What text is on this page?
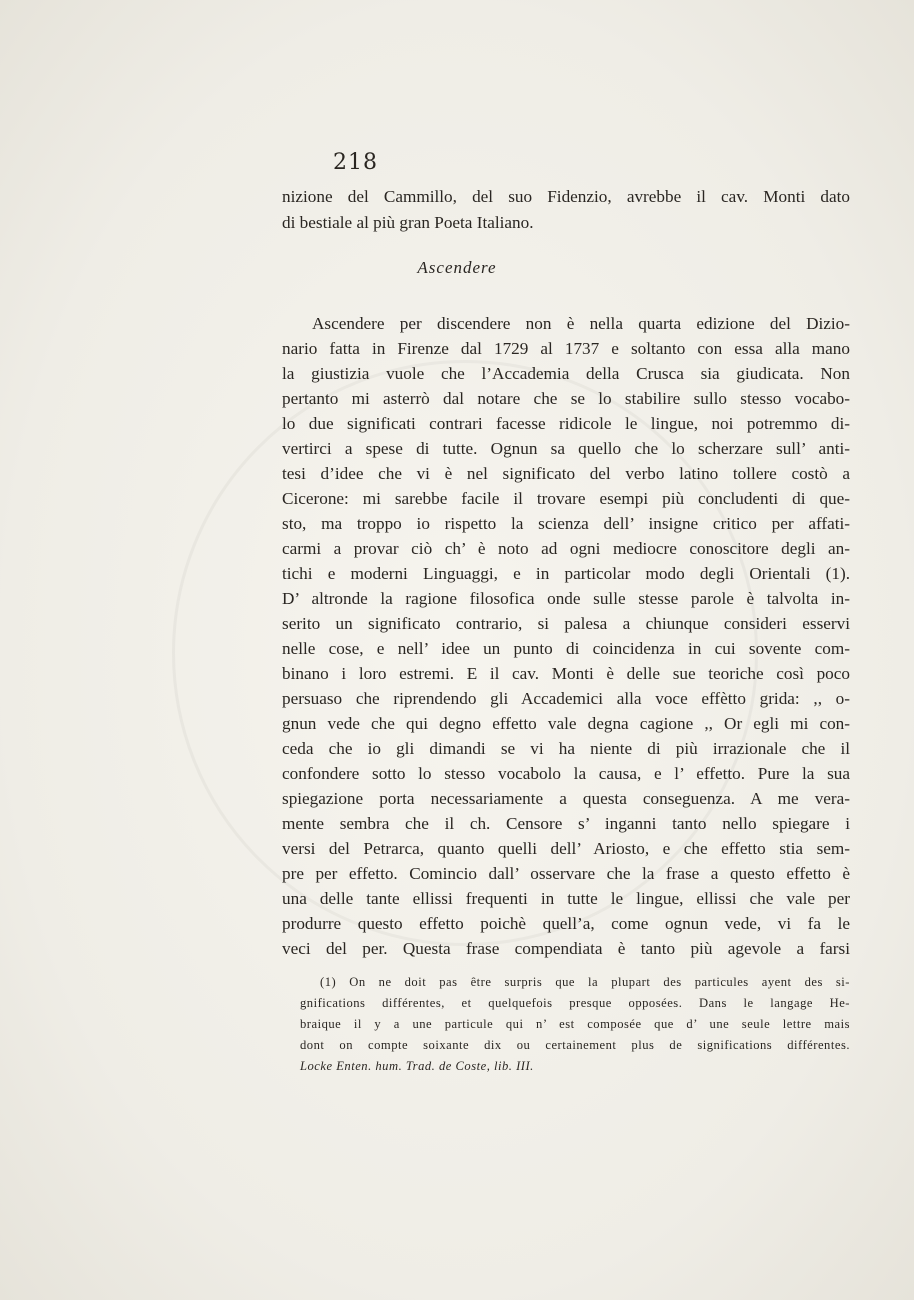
218
nizione del Cammillo, del suo Fidenzio, avrebbe il cav. Monti dato
di bestiale al più gran Poeta Italiano.
Ascendere
Ascendere per discendere non è nella quarta edizione del Dizio-
nario fatta in Firenze dal 1729 al 1737 e soltanto con essa alla mano
la giustizia vuole che l’Accademia della Crusca sia giudicata. Non
pertanto mi asterrò dal notare che se lo stabilire sullo stesso vocabo-
lo due significati contrari facesse ridicole le lingue, noi potremmo di-
vertirci a spese di tutte. Ognun sa quello che lo scherzare sull’ anti-
tesi d’idee che vi è nel significato del verbo latino tollere costò a
Cicerone: mi sarebbe facile il trovare esempi più concludenti di que-
sto, ma troppo io rispetto la scienza dell’ insigne critico per affati-
carmi a provar ciò ch’ è noto ad ogni mediocre conoscitore degli an-
tichi e moderni Linguaggi, e in particolar modo degli Orientali (1).
D’ altronde la ragione filosofica onde sulle stesse parole è talvolta in-
serito un significato contrario, si palesa a chiunque consideri esservi
nelle cose, e nell’ idee un punto di coincidenza in cui sovente com-
binano i loro estremi. E il cav. Monti è delle sue teoriche così poco
persuaso che riprendendo gli Accademici alla voce effètto grida: ,, o-
gnun vede che qui degno effetto vale degna cagione ,, Or egli mi con-
ceda che io gli dimandi se vi ha niente di più irrazionale che il
confondere sotto lo stesso vocabolo la causa, e l’ effetto. Pure la sua
spiegazione porta necessariamente a questa conseguenza. A me vera-
mente sembra che il ch. Censore s’ inganni tanto nello spiegare i
versi del Petrarca, quanto quelli dell’ Ariosto, e che effetto stia sem-
pre per effetto. Comincio dall’ osservare che la frase a questo effetto è
una delle tante ellissi frequenti in tutte le lingue, ellissi che vale per
produrre questo effetto poichè quell’a, come ognun vede, vi fa le
veci del per. Questa frase compendiata è tanto più agevole a farsi
(1) On ne doit pas être surpris que la plupart des particules ayent des si-
gnifications différentes, et quelquefois presque opposées. Dans le langage He-
braique il y a une particule qui n’ est composée que d’ une seule lettre mais
dont on compte soixante dix ou certainement plus de significations différentes.
Locke Enten. hum. Trad. de Coste, lib. III.
